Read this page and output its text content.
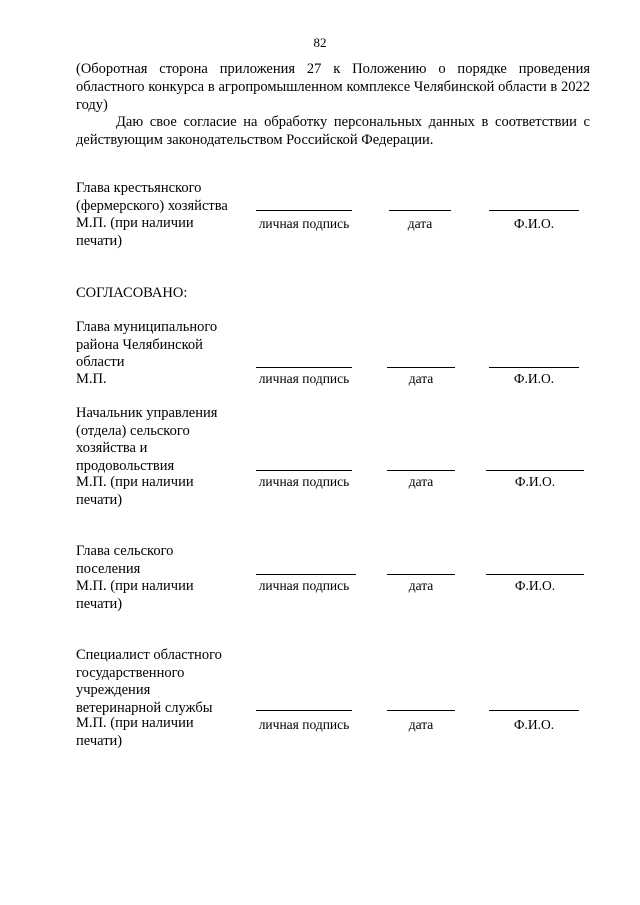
82
(Оборотная сторона приложения 27 к Положению о порядке проведения областного конкурса в агропромышленном комплексе Челябинской области в 2022 году)
Даю свое согласие на обработку персональных данных в соответствии с действующим законодательством Российской Федерации.
Глава крестьянского
(фермерского) хозяйства
М.П. (при наличии
печати)
личная подпись	дата	Ф.И.О.
СОГЛАСОВАНО:
Глава муниципального
района Челябинской
области
М.П.	личная подпись	дата	Ф.И.О.
Начальник управления
(отдела) сельского
хозяйства и
продовольствия
М.П. (при наличии
печати)
личная подпись	дата	Ф.И.О.
Глава сельского
поселения
М.П. (при наличии
печати)
личная подпись	дата	Ф.И.О.
Специалист областного
государственного
учреждения
ветеринарной службы
М.П. (при наличии
печати)
личная подпись	дата	Ф.И.О.
